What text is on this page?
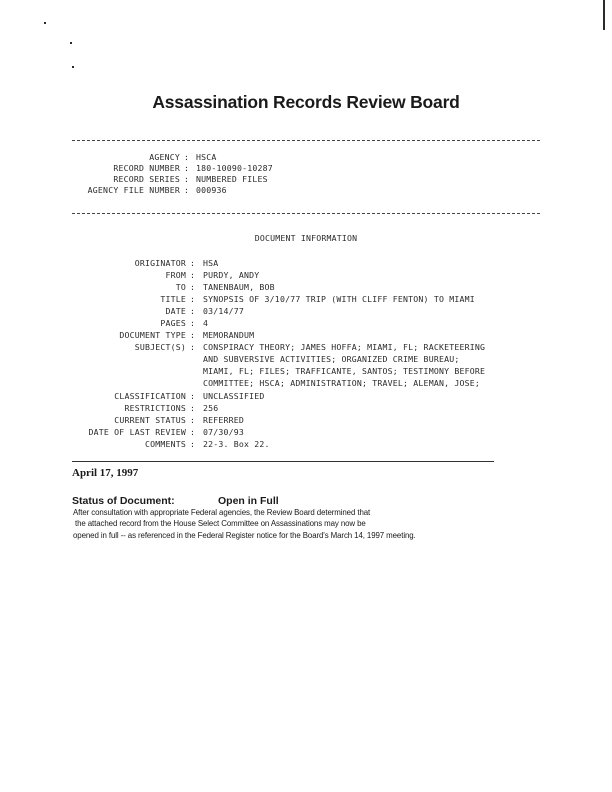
Assassination Records Review Board
AGENCY : HSCA
RECORD NUMBER : 180-10090-10287
RECORD SERIES : NUMBERED FILES
AGENCY FILE NUMBER : 000936
DOCUMENT INFORMATION
ORIGINATOR : HSA
FROM : PURDY, ANDY
TO : TANENBAUM, BOB
TITLE : SYNOPSIS OF 3/10/77 TRIP (WITH CLIFF FENTON) TO MIAMI
DATE : 03/14/77
PAGES : 4
DOCUMENT TYPE : MEMORANDUM
SUBJECT(S) : CONSPIRACY THEORY; JAMES HOFFA; MIAMI, FL; RACKETEERING
AND SUBVERSIVE ACTIVITIES; ORGANIZED CRIME BUREAU;
MIAMI, FL; FILES; TRAFFICANTE, SANTOS; TESTIMONY BEFORE
COMMITTEE; HSCA; ADMINISTRATION; TRAVEL; ALEMAN, JOSE;
CLASSIFICATION : UNCLASSIFIED
RESTRICTIONS : 256
CURRENT STATUS : REFERRED
DATE OF LAST REVIEW : 07/30/93
COMMENTS : 22-3. Box 22.
April 17, 1997
Status of Document:	Open in Full
After consultation with appropriate Federal agencies, the Review Board determined that
the attached record from the House Select Committee on Assassinations may now be
opened in full -- as referenced in the Federal Register notice for the Board's March 14, 1997 meeting.
